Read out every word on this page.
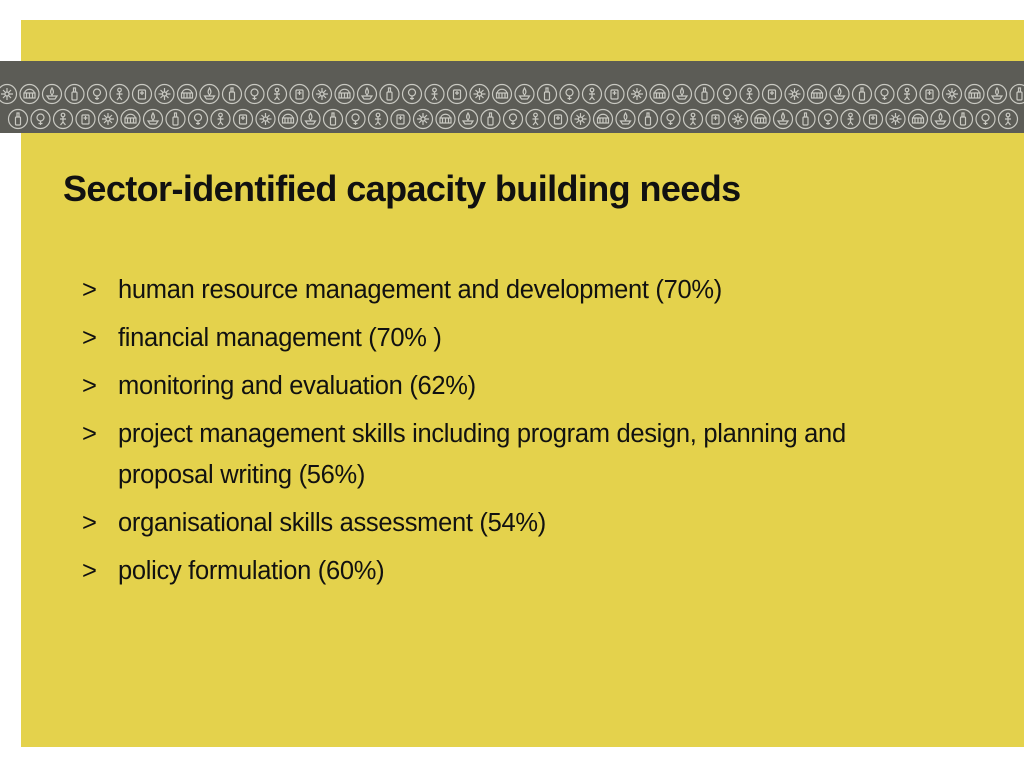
Sector-identified capacity building needs
> human resource management and development (70%)
> financial management (70% )
> monitoring and evaluation (62%)
> project management skills including program design, planning and proposal writing (56%)
> organisational skills assessment (54%)
> policy formulation (60%)
